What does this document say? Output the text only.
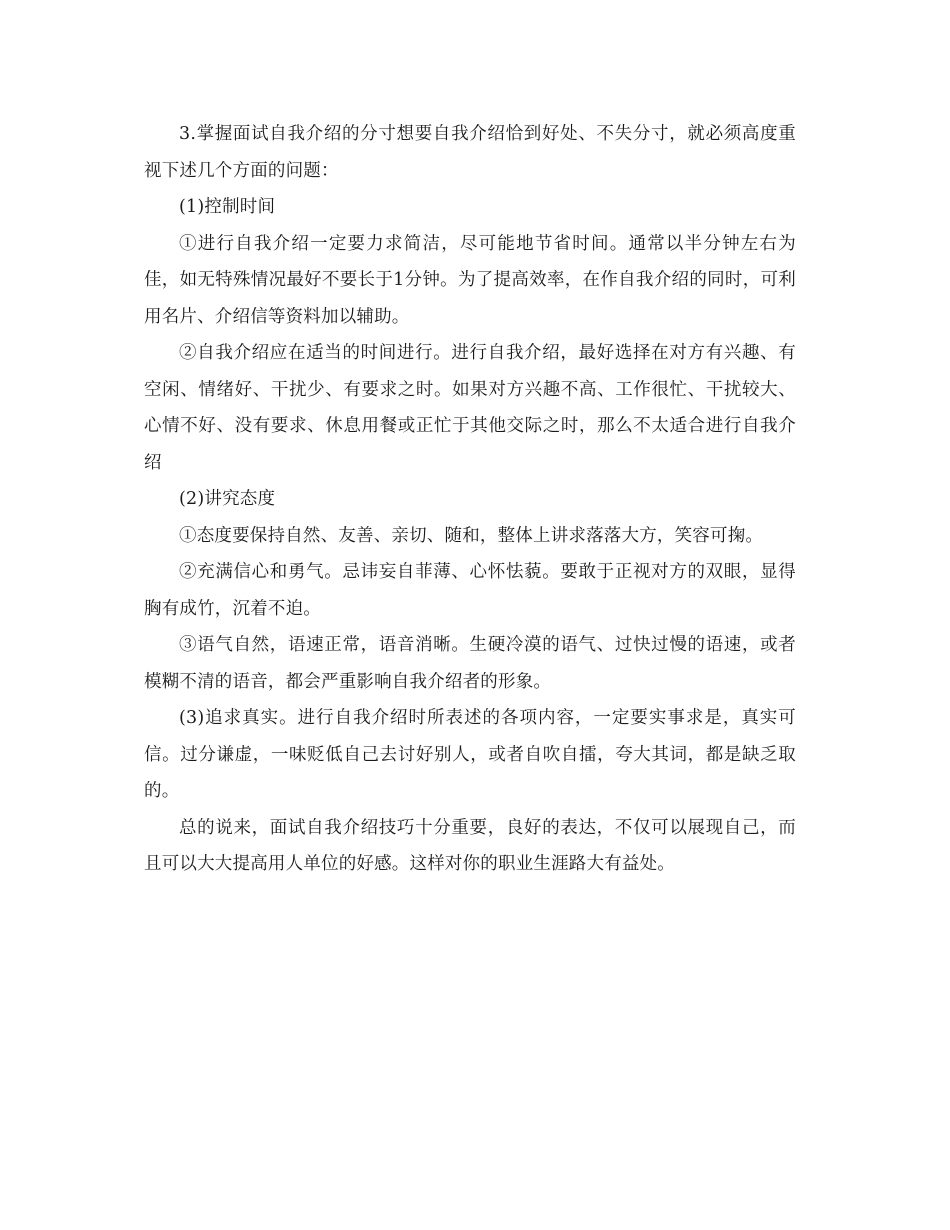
3.掌握面试自我介绍的分寸想要自我介绍恰到好处、不失分寸，就必须高度重视下述几个方面的问题：

(1)控制时间

①进行自我介绍一定要力求简洁，尽可能地节省时间。通常以半分钟左右为佳，如无特殊情况最好不要长于1分钟。为了提高效率，在作自我介绍的同时，可利用名片、介绍信等资料加以辅助。

②自我介绍应在适当的时间进行。进行自我介绍，最好选择在对方有兴趣、有空闲、情绪好、干扰少、有要求之时。如果对方兴趣不高、工作很忙、干扰较大、心情不好、没有要求、休息用餐或正忙于其他交际之时，那么不太适合进行自我介绍

(2)讲究态度

①态度要保持自然、友善、亲切、随和，整体上讲求落落大方，笑容可掬。

②充满信心和勇气。忌讳妄自菲薄、心怀怯藐。要敢于正视对方的双眼，显得胸有成竹，沉着不迫。

③语气自然，语速正常，语音消晰。生硬冷漠的语气、过快过慢的语速，或者模糊不清的语音，都会严重影响自我介绍者的形象。

(3)追求真实。进行自我介绍时所表述的各项内容，一定要实事求是，真实可信。过分谦虚，一味贬低自己去讨好别人，或者自吹自擂，夸大其词，都是缺乏取的。

总的说来，面试自我介绍技巧十分重要，良好的表达，不仅可以展现自己，而且可以大大提高用人单位的好感。这样对你的职业生涯路大有益处。
